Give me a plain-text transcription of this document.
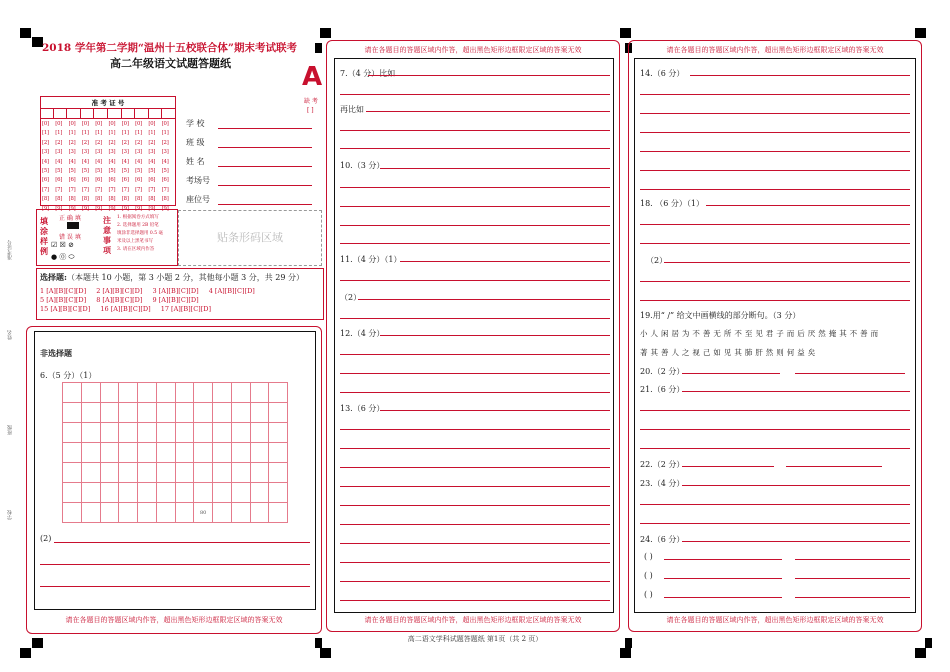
准考证号
姓名
班级
学校
2018 学年第二学期“温州十五校联合体”期末考试联考
高二年级语文试题答题纸	A
缺 考
[ ]
准 考 证 号
[0]
[1]
[2]
[3]
[4]
[5]
[6]
[7]
[8]
[9]
[0]
[1]
[2]
[3]
[4]
[5]
[6]
[7]
[8]
[9]
[0]
[1]
[2]
[3]
[4]
[5]
[6]
[7]
[8]
[9]
[0]
[1]
[2]
[3]
[4]
[5]
[6]
[7]
[8]
[9]
[0]
[1]
[2]
[3]
[4]
[5]
[6]
[7]
[8]
[9]
[0]
[1]
[2]
[3]
[4]
[5]
[6]
[7]
[8]
[9]
[0]
[1]
[2]
[3]
[4]
[5]
[6]
[7]
[8]
[9]
[0]
[1]
[2]
[3]
[4]
[5]
[6]
[7]
[8]
[9]
[0]
[1]
[2]
[3]
[4]
[5]
[6]
[7]
[8]
[9]
[0]
[1]
[2]
[3]
[4]
[5]
[6]
[7]
[8]
[9]
学 校
班 级
姓 名
考场号
座位号
填涂样例
正 确 填
错 误 填
☑ ☒ ⊘
● ⓪ ⬭
注意事项
1. 根据阅卷方式填写
2. 选择题用 2B 铅笔
填涂非选择题用 0.5 毫
米及以上黑笔书写
3. 请在区域内作答
贴条形码区域
选择题:（本题共 10 小题，第 3 小题 2 分，其他每小题 3 分，共 29 分）
1 [A][B][C][D] 2 [A][B][C][D] 3 [A][B][C][D] 4 [A][B][C][D]
5 [A][B][C][D] 8 [A][B][C][D] 9 [A][B][C][D]
15 [A][B][C][D] 16 [A][B][C][D] 17 [A][B][C][D]
请在各题目的答题区域内作答，超出黑色矩形边框限定区域的答案无效
非选择题
6.（5 分）（1）
80
(2)
请在各题目的答题区域内作答，超出黑色矩形边框限定区域的答案无效
请在各题目的答题区域内作答，超出黑色矩形边框限定区域的答案无效
7.（4 分）比如
再比如
10.（3 分）
11.（4 分）（1）
（2）
12.（4 分）
13.（6 分）
请在各题目的答题区域内作答，超出黑色矩形边框限定区域的答案无效
请在各题目的答题区域内作答，超出黑色矩形边框限定区域的答案无效
14.（6 分）
18. （6 分）（1）
（2）
19.用“ /” 给文中画横线的部分断句。（3 分）
小 人 闲 居 为 不 善 无 所 不 至 见 君 子 而 后 厌 然 掩 其 不 善 而
著 其 善 人 之 视 己 如 见 其 肺 肝 然 则 何 益 矣
20.（2 分）
21.（6 分）
22.（2 分）
23.（4 分）
24.（6 分）
( )
( )
( )
高二语文学科试题答题纸 第1页（共 2 页）
